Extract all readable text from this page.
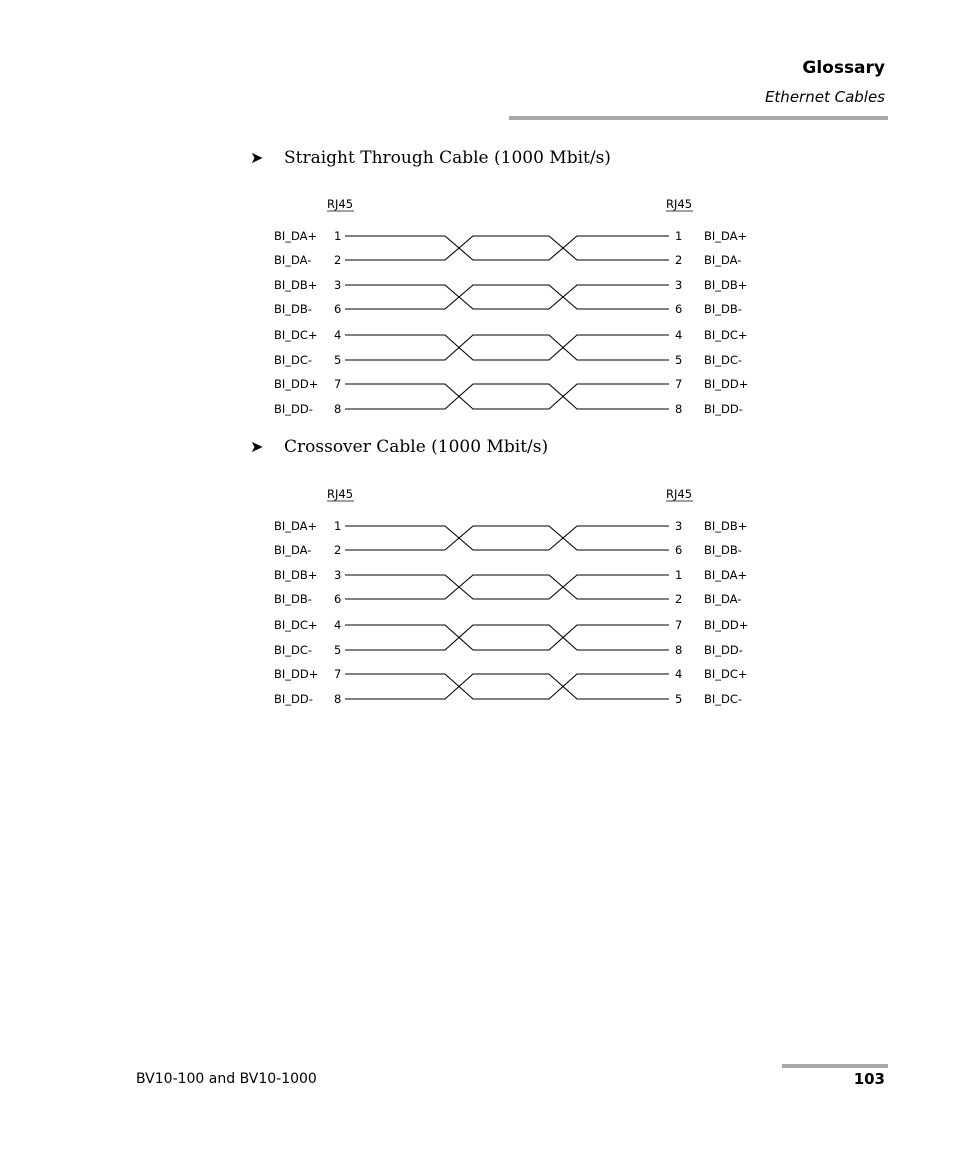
Glossary
Ethernet Cables
➤ Straight Through Cable (1000 Mbit/s)
RJ45	RJ45
BI_DA+ 1	1 BI_DA+
BI_DA- 2	2 BI_DA-
BI_DB+ 3	3 BI_DB+
BI_DB- 6	6 BI_DB-
BI_DC+ 4	4 BI_DC+
BI_DC- 5	5 BI_DC-
BI_DD+ 7	7 BI_DD+
BI_DD- 8	8 BI_DD-
➤ Crossover Cable (1000 Mbit/s)
RJ45	RJ45
BI_DA+ 1	3 BI_DB+
BI_DA- 2	6 BI_DB-
BI_DB+ 3	1 BI_DA+
BI_DB- 6	2 BI_DA-
BI_DC+ 4	7 BI_DD+
BI_DC- 5	8 BI_DD-
BI_DD+ 7	4 BI_DC+
BI_DD- 8	5 BI_DC-
BV10-100 and BV10-1000	103
